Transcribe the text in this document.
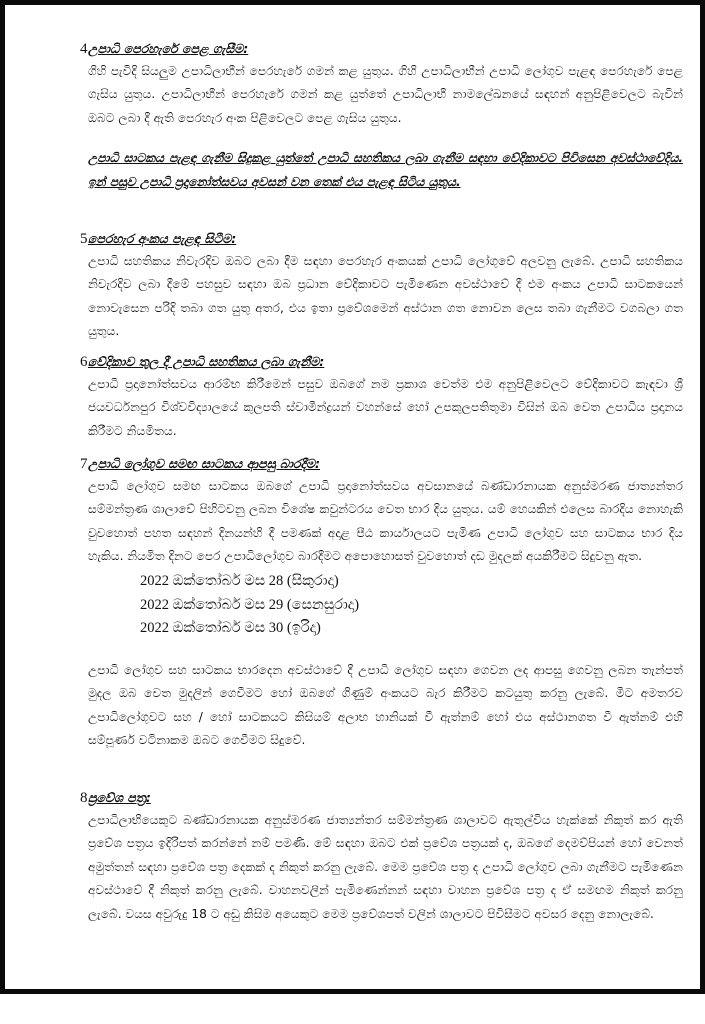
4.
උපාධි පෙරහැරේ පෙළ ගැසීම:
ගිහි පැවිදි සියලුම උපාධිලාභීන් පෙරහැරේ ගමන් කළ යුතුය. ගිහි උපාධිලාභීන් උපාධි ලෝගුව පැළඳ පෙරහැරේ පෙළ ගැසිය යුතුය. උපාධිලාභීන් පෙරහැරේ ගමන් කළ යුත්තේ උපාධිලාභී නාමලේඛනයේ සඳහන් අනුපිළිවෙලට බැවින් ඔබට ලබා දී ඇති පෙරහැර අංක පිළිවෙලට පෙළ ගැසිය යුතුය.
උපාධි සාටකය පැළඳ ගැනීම සිදුකළ යුත්තේ උපාධි සහතිකය ලබා ගැනීම සඳහා වේදිකාවට පිවිසෙන අවස්ථාවේදිය. ඉන් පසුව උපාධි ප්‍රදානෝත්සවය අවසන් වන තෙක් එය පැළඳ සිටිය යුතුය.
5.
පෙරහැර අංකය පැළඳ සිටීම:
උපාධි සහතිකය නිවැරදිව ඔබට ලබා දීම සඳහා පෙරහැර අංකයක් උපාධි ලෝගුවේ අලවනු ලැබේ. උපාධි සහතිකය නිවැරදිව ලබා දීමේ පහසුව සඳහා ඔබ ප්‍රධාන වේදිකාවට පැමිණෙන අවස්ථාවේ දී එම අංකය උපාධි සාටකයෙන් නොවැසෙන පරිදි තබා ගත යුතු අතර, එය ඉතා ප්‍රවේශමෙන් අස්ථාන ගත නොවන ලෙස තබා ගැනීමට වගබලා ගත යුතුය.
6.
වේදිකාව තුල දී උපාධි සහතිකය ලබා ගැනීම:
උපාධි ප්‍රදානෝත්සවය ආරම්භ කිරීමෙන් පසුව ඔබගේ නම ප්‍රකාශ වෙත්ම එම අනුපිළිවෙලට වේදිකාවට කැඳවා ශ්‍රී ජයවර්ධනපුර විශ්වවිද්‍යාලයේ කුලපති ස්වාමීන්ද්‍රයන් වහන්සේ හෝ උපකුලපතිතුමා විසින් ඔබ වෙත උපාධිය ප්‍රදානය කිරීමට නියමිතය.
7.
උපාධි ලෝගුව සමඟ සාටකය ආපසු බාරදීම:
උපාධි ලෝගුව සමඟ සාටකය ඔබගේ උපාධි ප්‍රදානෝත්සවය අවසානයේ බණ්ඩාරනායක අනුස්මරණ ජාත්‍යන්තර සම්මන්ත්‍රණ ශාලාවේ පිහිටවනු ලබන විශේෂ කවුන්ටරය වෙත භාර දිය යුතුය. යම් හෙයකින් එලෙස බාරදිය නොහැකි වුවහොත් පහත සඳහන් දිනයන්හි දී පමණක් අදාළ පීඨ කාර්යාලයට පැමිණ උපාධි ලෝගුව සහ සාටකය භාර දිය හැකිය. නියමිත දිනට පෙර උපාධිලෝගුව බාරදීමට අපොහොසත් වුවහොත් දඩ මුදලක් අයකිරීමට සිදුවනු ඇත.
2022 ඔක්තෝබර් මස 28 (සිකුරාදා)
2022 ඔක්තෝබර් මස 29 (සෙනසුරාදා)
2022 ඔක්තෝබර් මස 30 (ඉරිදා)
උපාධි ලෝගුව සහ සාටකය භාරදෙන අවස්ථාවේ දී උපාධි ලෝගුව සඳහා ගෙවන ලද ආපසු ගෙවනු ලබන තැන්පත් මුදල ඔබ වෙත මුදලින් ගෙවීමට හෝ ඔබගේ ගිණුම් අංකයට බැර කිරීමට කටයුතු කරනු ලැබේ. මීට අමතරව උපාධිලෝගුවට සහ / හෝ සාටකයට කිසියම් අලාභ හානියක් වී ඇත්නම් හෝ එය අස්ථානගත වී ඇත්නම් එහි සම්පූර්ණ වටිනාකම ඔබට ගෙවීමට සිදුවේ.
8.
ප්‍රවේශ පත්‍ර:
උපාධිලාභියෙකුට බණ්ඩාරනායක අනුස්මරණ ජාත්‍යන්තර සම්මන්ත්‍රණ ශාලාවට ඇතුල්විය හැක්කේ නිකුත් කර ඇති ප්‍රවේශ පත්‍රය ඉදිරිපත් කරන්නේ නම් පමණි. මේ සඳහා ඔබට එක් ප්‍රවේශ පත්‍රයක් ද, ඔබගේ දෙමව්පියන් හෝ වෙනත් අමුත්තන් සඳහා ප්‍රවේශ පත්‍ර දෙකක් ද නිකුත් කරනු ලැබේ. මෙම ප්‍රවේශ පත්‍ර ද උපාධි ලෝගුව ලබා ගැනීමට පැමිණෙන අවස්ථාවේ දී නිකුත් කරනු ලැබේ. වාහනවලින් පැමිණෙන්නන් සඳහා වාහන ප්‍රවේශ පත්‍ර ද ඒ සමඟම නිකුත් කරනු ලැබේ. වයස අවුරුදු 18 ට අඩු කිසිම අයෙකුට මෙම ප්‍රවේශපත් වලින් ශාලාවට පිවිසීමට අවසර දෙනු නොලැබේ.
